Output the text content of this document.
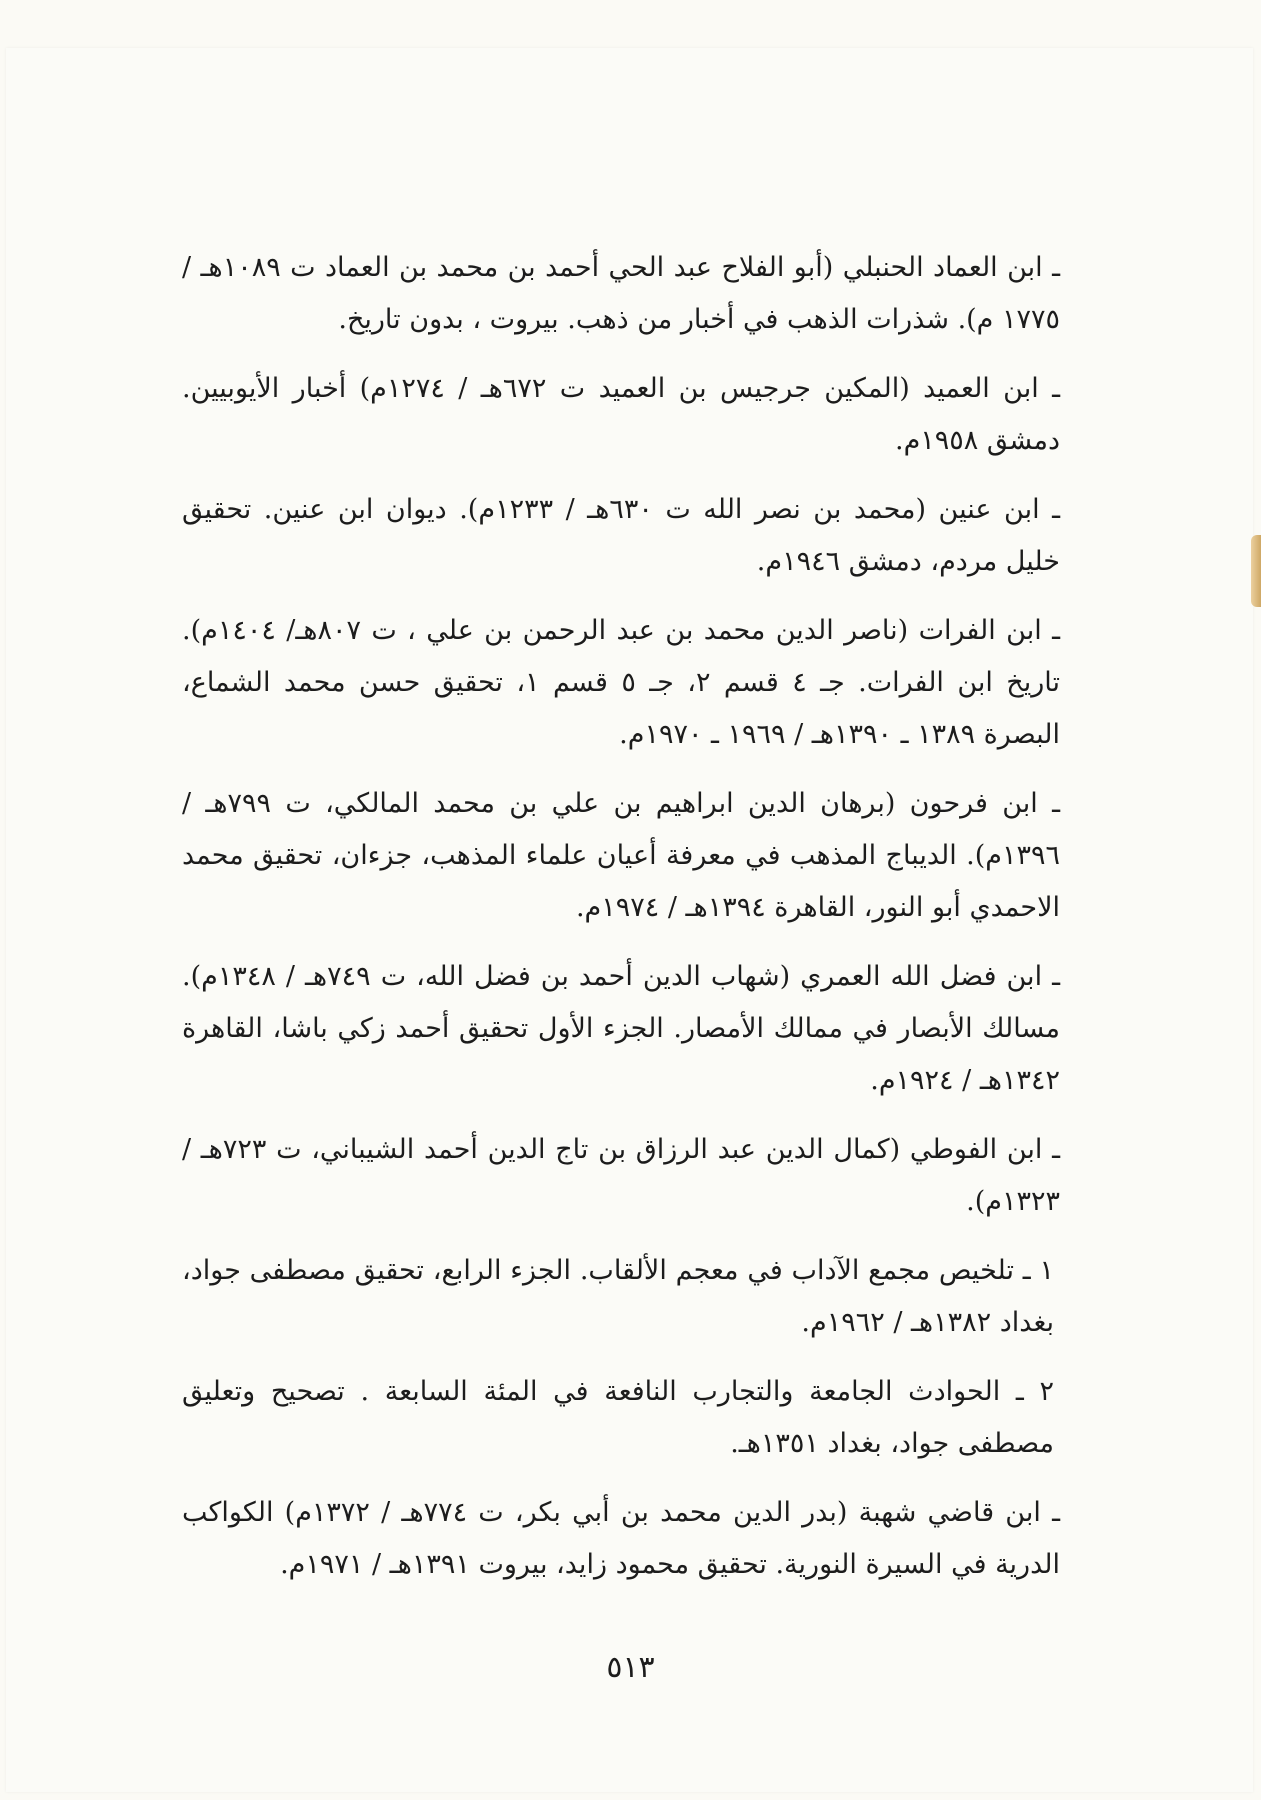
ـ ابن العماد الحنبلي (أبو الفلاح عبد الحي أحمد بن محمد بن العماد ت ١٠٨٩هـ / ١٧٧٥ م). شذرات الذهب في أخبار من ذهب. بيروت ، بدون تاريخ.

ـ ابن العميد (المكين جرجيس بن العميد ت ٦٧٢هـ / ١٢٧٤م) أخبار الأيوبيين. دمشق ١٩٥٨م.

ـ ابن عنين (محمد بن نصر الله ت ٦٣٠هـ / ١٢٣٣م). ديوان ابن عنين. تحقيق خليل مردم، دمشق ١٩٤٦م.

ـ ابن الفرات (ناصر الدين محمد بن عبد الرحمن بن علي ، ت ٨٠٧هـ/ ١٤٠٤م). تاريخ ابن الفرات. جـ ٤ قسم ٢، جـ ٥ قسم ١، تحقيق حسن محمد الشماع، البصرة ١٣٨٩ ـ ١٣٩٠هـ / ١٩٦٩ ـ ١٩٧٠م.

ـ ابن فرحون (برهان الدين ابراهيم بن علي بن محمد المالكي، ت ٧٩٩هـ / ١٣٩٦م). الديباج المذهب في معرفة أعيان علماء المذهب، جزءان، تحقيق محمد الاحمدي أبو النور، القاهرة ١٣٩٤هـ / ١٩٧٤م.

ـ ابن فضل الله العمري (شهاب الدين أحمد بن فضل الله، ت ٧٤٩هـ / ١٣٤٨م). مسالك الأبصار في ممالك الأمصار. الجزء الأول تحقيق أحمد زكي باشا، القاهرة ١٣٤٢هـ / ١٩٢٤م.

ـ ابن الفوطي (كمال الدين عبد الرزاق بن تاج الدين أحمد الشيباني، ت ٧٢٣هـ / ١٣٢٣م).

١ ـ تلخيص مجمع الآداب في معجم الألقاب. الجزء الرابع، تحقيق مصطفى جواد، بغداد ١٣٨٢هـ / ١٩٦٢م.

٢ ـ الحوادث الجامعة والتجارب النافعة في المئة السابعة . تصحيح وتعليق مصطفى جواد، بغداد ١٣٥١هـ.

ـ ابن قاضي شهبة (بدر الدين محمد بن أبي بكر، ت ٧٧٤هـ / ١٣٧٢م) الكواكب الدرية في السيرة النورية. تحقيق محمود زايد، بيروت ١٣٩١هـ / ١٩٧١م.

٥١٣
